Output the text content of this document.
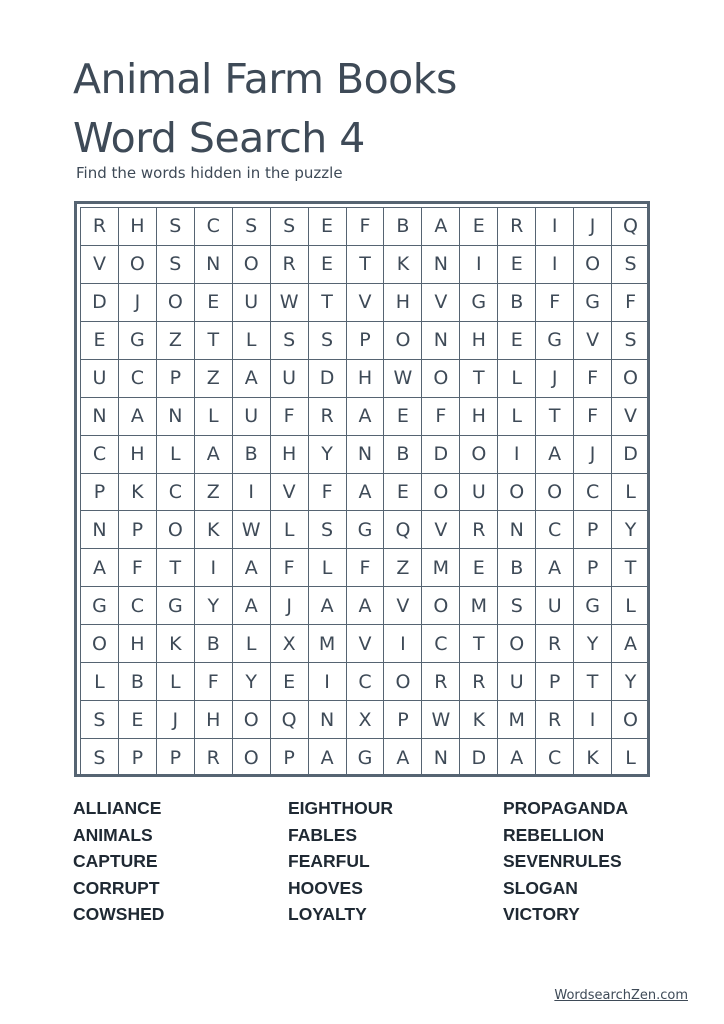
Animal Farm Books
Word Search 4
Find the words hidden in the puzzle
R	H	S	C	S	S	E	F	B	A	E	R	I	J	Q
V	O	S	N	O	R	E	T	K	N	I	E	I	O	S
D	J	O	E	U	W	T	V	H	V	G	B	F	G	F
E	G	Z	T	L	S	S	P	O	N	H	E	G	V	S
U	C	P	Z	A	U	D	H	W	O	T	L	J	F	O
N	A	N	L	U	F	R	A	E	F	H	L	T	F	V
C	H	L	A	B	H	Y	N	B	D	O	I	A	J	D
P	K	C	Z	I	V	F	A	E	O	U	O	O	C	L
N	P	O	K	W	L	S	G	Q	V	R	N	C	P	Y
A	F	T	I	A	F	L	F	Z	M	E	B	A	P	T
G	C	G	Y	A	J	A	A	V	O	M	S	U	G	L
O	H	K	B	L	X	M	V	I	C	T	O	R	Y	A
L	B	L	F	Y	E	I	C	O	R	R	U	P	T	Y
S	E	J	H	O	Q	N	X	P	W	K	M	R	I	O
S	P	P	R	O	P	A	G	A	N	D	A	C	K	L
ALLIANCE
ANIMALS
CAPTURE
CORRUPT
COWSHED
EIGHTHOUR
FABLES
FEARFUL
HOOVES
LOYALTY
PROPAGANDA
REBELLION
SEVENRULES
SLOGAN
VICTORY
WordsearchZen.com
